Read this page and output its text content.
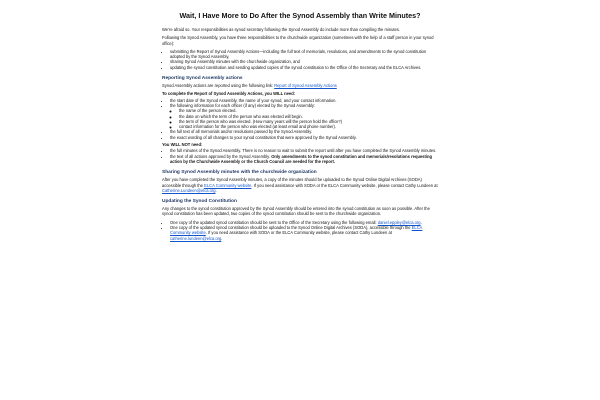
Wait, I Have More to Do After the Synod Assembly than Write Minutes?

We’re afraid so. Your responsibilities as synod secretary following the Synod Assembly do include more than compiling the minutes.

Following the Synod Assembly, you have three responsibilities to the churchwide organization (sometimes with the help of a staff person in your synod office):

• submitting the Report of Synod Assembly Actions—including the full text of memorials, resolutions, and amendments to the synod constitution adopted by the Synod Assembly,
• sharing Synod Assembly minutes with the churchwide organization, and
• updating the synod constitution and sending updated copies of the synod constitution to the Office of the Secretary and the ELCA Archives.
Reporting Synod Assembly actions

Synod Assembly actions are reported using the following link: Report of Synod Assembly Actions

To complete the Report of Synod Assembly Actions, you WILL need:

• the start date of the Synod Assembly, the name of your synod, and your contact information.
• the following information for each officer (if any) elected by the Synod Assembly:
◦ the name of the person elected.
◦ the date on which the term of the person who was elected will begin.
◦ the term of the person who was elected. (How many years will the person hold the office?)
◦ contact information for the person who was elected (at least email and phone number).
• the full text of all memorials and/or resolutions passed by the Synod Assembly.
• the exact wording of all changes to your synod constitution that were approved by the Synod Assembly.

You WILL NOT need:

• the full minutes of the Synod Assembly. There is no reason to wait to submit the report until after you have completed the Synod Assembly minutes.
• the text of all actions approved by the Synod Assembly. Only amendments to the synod constitution and memorials/resolutions requesting action by the Churchwide Assembly or the Church Council are needed for the report.
Sharing Synod Assembly minutes with the churchwide organization

After you have completed the Synod Assembly minutes, a copy of the minutes should be uploaded to the Synod Online Digital Archives (SODA) accessible through the ELCA Community website. If you need assistance with SODA or the ELCA Community website, please contact Cathy Lundeen at Catherine.Lundeen@elca.org.

Updating the Synod Constitution

Any changes to the synod constitution approved by the Synod Assembly should be entered into the synod constitution as soon as possible. After the synod constitution has been updated, two copies of the synod constitution should be sent to the churchwide organization.

• One copy of the updated synod constitution should be sent to the Office of the Secretary using the following email: daniel.eppley@elca.org.
• One copy of the updated synod constitution should be uploaded to the Synod Online Digital Archives (SODA), accessible through the ELCA Community website. If you need assistance with SODA or the ELCA Community website, please contact Cathy Lundeen at catherine.lundeen@elca.org.
